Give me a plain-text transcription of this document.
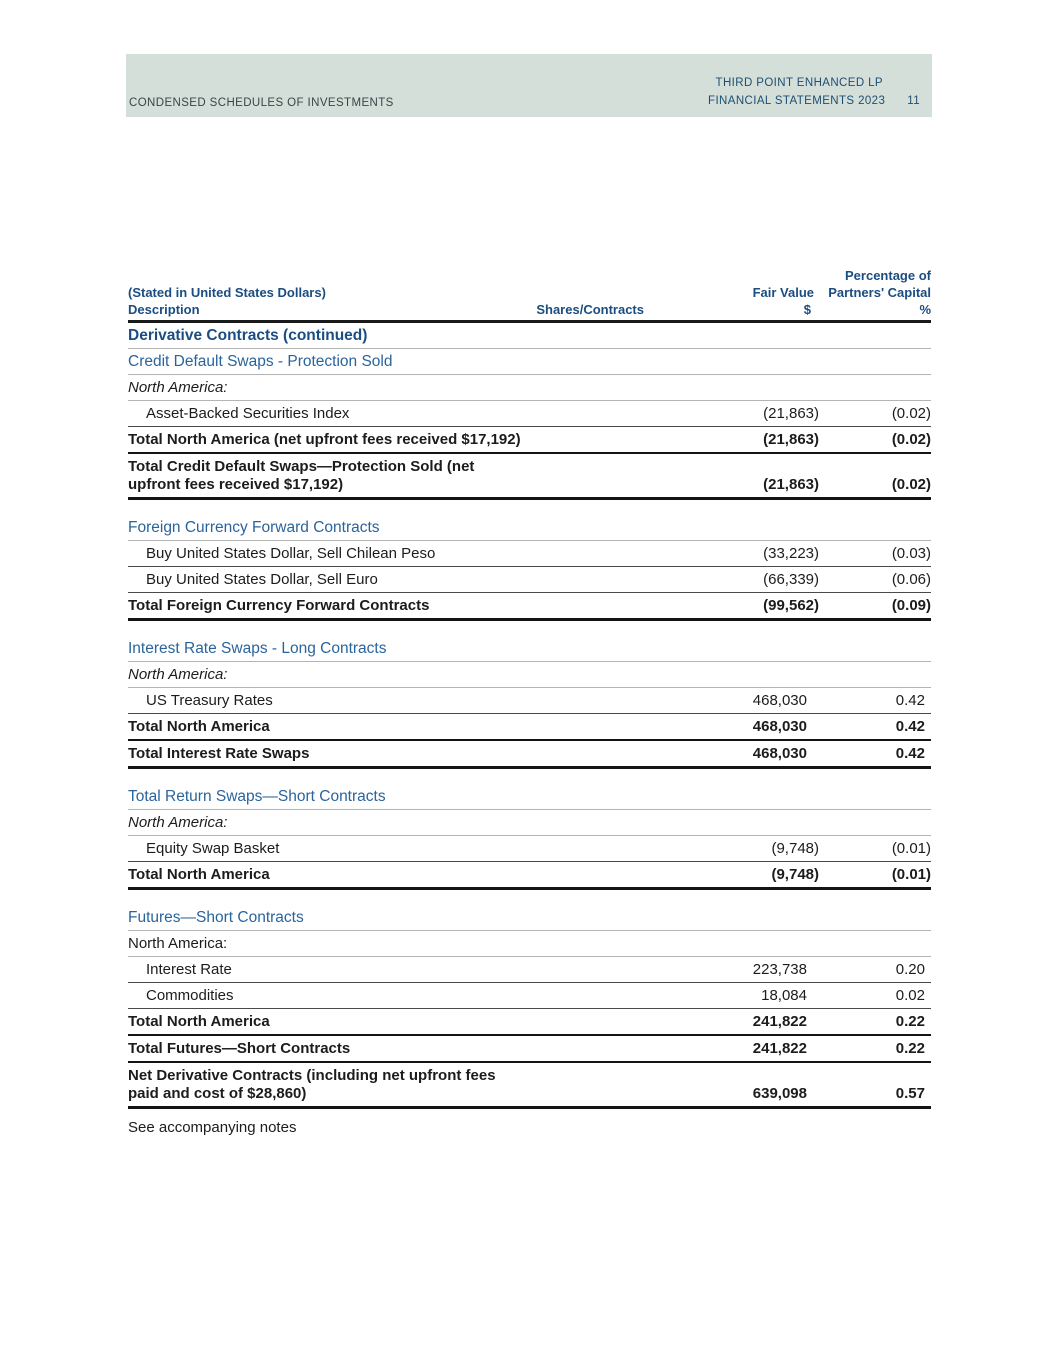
CONDENSED SCHEDULES OF INVESTMENTS
THIRD POINT ENHANCED LP
FINANCIAL STATEMENTS 2023 11
Percentage of
(Stated in United States Dollars)	Fair Value	Partners' Capital
Description	Shares/Contracts	$	%
Derivative Contracts (continued)
Credit Default Swaps - Protection Sold
North America:
Asset-Backed Securities Index	(21,863)	(0.02)
Total North America (net upfront fees received $17,192)	(21,863)	(0.02)
Total Credit Default Swaps—Protection Sold (net
upfront fees received $17,192)	(21,863)	(0.02)
Foreign Currency Forward Contracts
Buy United States Dollar, Sell Chilean Peso	(33,223)	(0.03)
Buy United States Dollar, Sell Euro	(66,339)	(0.06)
Total Foreign Currency Forward Contracts	(99,562)	(0.09)
Interest Rate Swaps - Long Contracts
North America:
US Treasury Rates	468,030	0.42
Total North America	468,030	0.42
Total Interest Rate Swaps	468,030	0.42
Total Return Swaps—Short Contracts
North America:
Equity Swap Basket	(9,748)	(0.01)
Total North America	(9,748)	(0.01)
Futures—Short Contracts
North America:
Interest Rate	223,738	0.20
Commodities	18,084	0.02
Total North America	241,822	0.22
Total Futures—Short Contracts	241,822	0.22
Net Derivative Contracts (including net upfront fees
paid and cost of $28,860)	639,098	0.57
See accompanying notes
